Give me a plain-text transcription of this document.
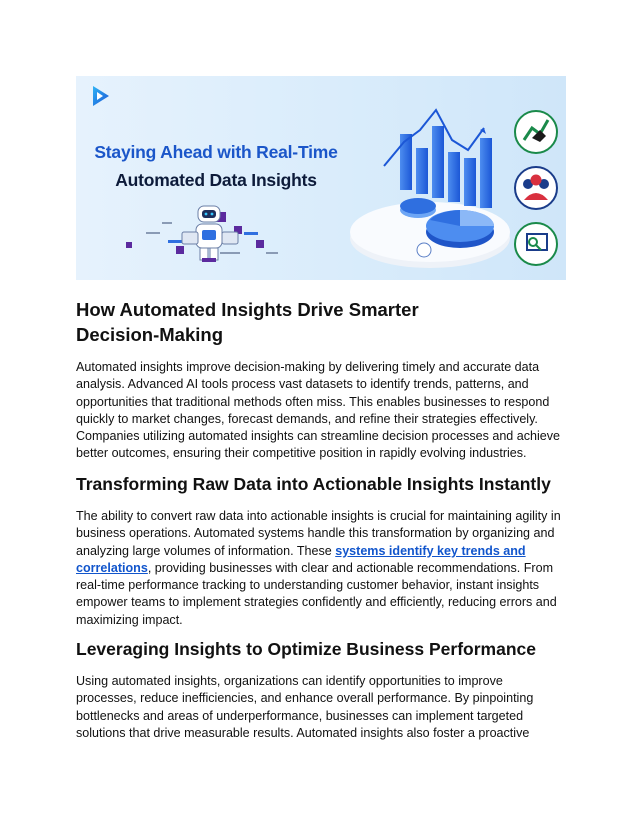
Staying Ahead with Real-Time
Automated Data Insights
How Automated Insights Drive Smarter
Decision-Making

Automated insights improve decision-making by delivering timely and accurate data
analysis. Advanced AI tools process vast datasets to identify trends, patterns, and
opportunities that traditional methods often miss. This enables businesses to respond
quickly to market changes, forecast demands, and refine their strategies effectively.
Companies utilizing automated insights can streamline decision processes and achieve
better outcomes, ensuring their competitive position in rapidly evolving industries.

Transforming Raw Data into Actionable Insights Instantly

The ability to convert raw data into actionable insights is crucial for maintaining agility in
business operations. Automated systems handle this transformation by organizing and
analyzing large volumes of information. These systems identify key trends and
correlations, providing businesses with clear and actionable recommendations. From
real-time performance tracking to understanding customer behavior, instant insights
empower teams to implement strategies confidently and efficiently, reducing errors and
maximizing impact.

Leveraging Insights to Optimize Business Performance

Using automated insights, organizations can identify opportunities to improve
processes, reduce inefficiencies, and enhance overall performance. By pinpointing
bottlenecks and areas of underperformance, businesses can implement targeted
solutions that drive measurable results. Automated insights also foster a proactive
